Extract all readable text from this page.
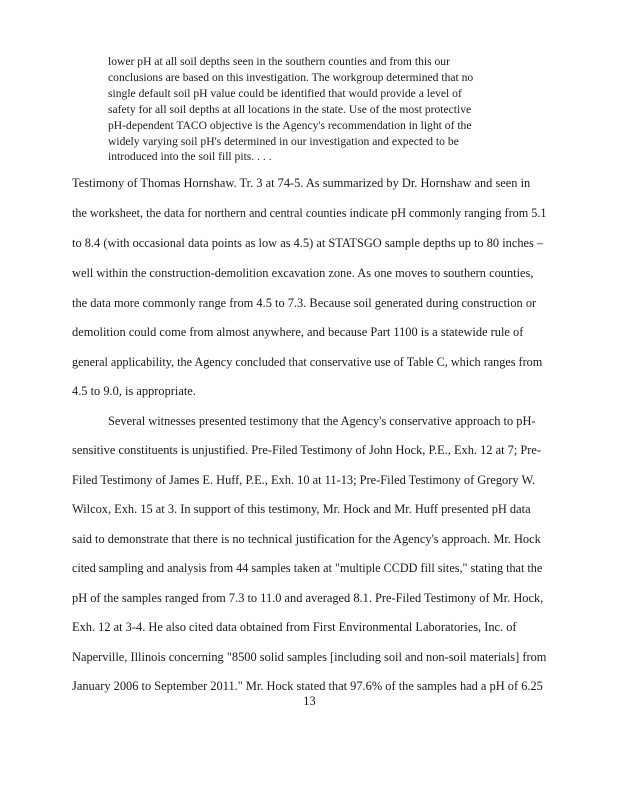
lower pH at all soil depths seen in the southern counties and from this our
conclusions are based on this investigation. The workgroup determined that no
single default soil pH value could be identified that would provide a level of
safety for all soil depths at all locations in the state. Use of the most protective
pH-dependent TACO objective is the Agency's recommendation in light of the
widely varying soil pH's determined in our investigation and expected to be
introduced into the soil fill pits. . . .
Testimony of Thomas Hornshaw. Tr. 3 at 74-5. As summarized by Dr. Hornshaw and seen in
the worksheet, the data for northern and central counties indicate pH commonly ranging from 5.1
to 8.4 (with occasional data points as low as 4.5) at STATSGO sample depths up to 80 inches –
well within the construction-demolition excavation zone. As one moves to southern counties,
the data more commonly range from 4.5 to 7.3. Because soil generated during construction or
demolition could come from almost anywhere, and because Part 1100 is a statewide rule of
general applicability, the Agency concluded that conservative use of Table C, which ranges from
4.5 to 9.0, is appropriate.
Several witnesses presented testimony that the Agency's conservative approach to pH-
sensitive constituents is unjustified. Pre-Filed Testimony of John Hock, P.E., Exh. 12 at 7; Pre-
Filed Testimony of James E. Huff, P.E., Exh. 10 at 11-13; Pre-Filed Testimony of Gregory W.
Wilcox, Exh. 15 at 3. In support of this testimony, Mr. Hock and Mr. Huff presented pH data
said to demonstrate that there is no technical justification for the Agency's approach. Mr. Hock
cited sampling and analysis from 44 samples taken at "multiple CCDD fill sites," stating that the
pH of the samples ranged from 7.3 to 11.0 and averaged 8.1. Pre-Filed Testimony of Mr. Hock,
Exh. 12 at 3-4. He also cited data obtained from First Environmental Laboratories, Inc. of
Naperville, Illinois concerning "8500 solid samples [including soil and non-soil materials] from
January 2006 to September 2011." Mr. Hock stated that 97.6% of the samples had a pH of 6.25
13
